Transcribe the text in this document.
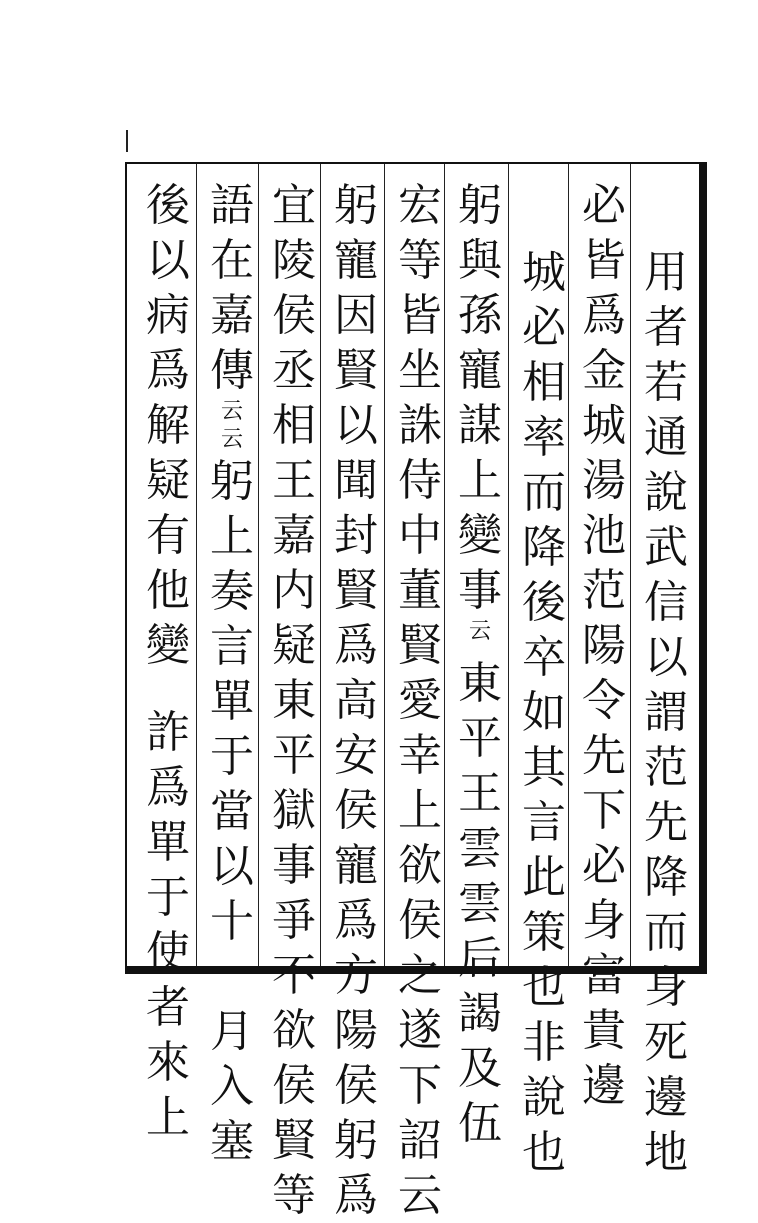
用
者
若
通
說
武
信
以
謂
范
先
降
而
身
死
邊
地
必
皆
爲
金
城
湯
池
范
陽
令
先
下
必
身
富
貴
邊
城
必
相
率
而
降
後
卒
如
其
言
此
策
也
非
說
也
躬
與
孫
寵
謀
上
變
事
云
東
平
王
雲
雲
后
謁
及
伍
宏
等
皆
坐
誅
侍
中
董
賢
愛
幸
上
欲
侯
之
遂
下
詔
云
躬
寵
因
賢
以
聞
封
賢
爲
高
安
侯
寵
爲
方
陽
侯
躬
爲
宜
陵
侯
丞
相
王
嘉
内
疑
東
平
獄
事
爭
不
欲
侯
賢
等
語
在
嘉
傳
云
云
躬
上
奏
言
單
于
當
以
十
一
月
入
塞
後
以
病
爲
解
疑
有
他
變
詐
爲
單
于
使
者
來
上
